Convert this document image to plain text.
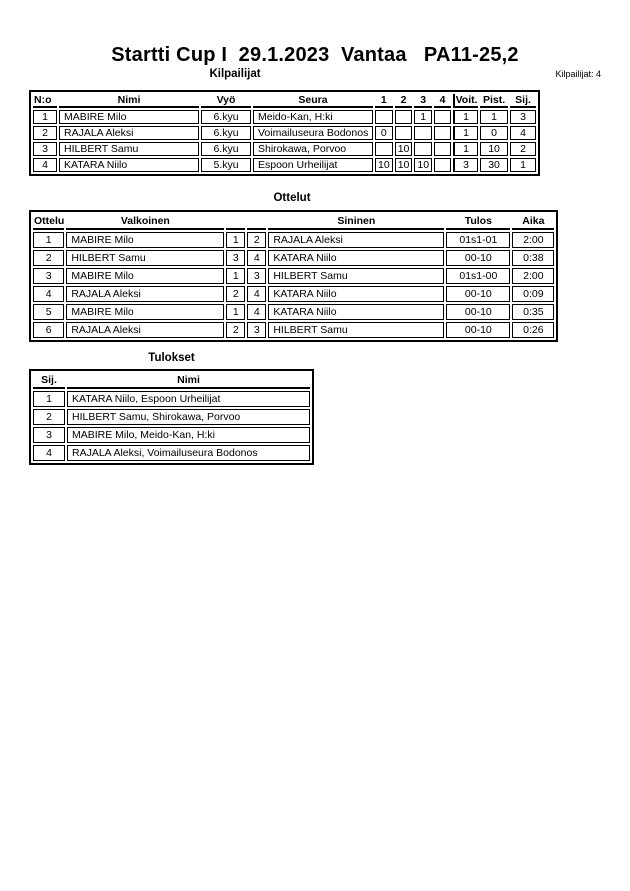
Startti Cup I  29.1.2023  Vantaa   PA11-25,2
Kilpailijat	Kilpailijat: 4
N:o	Nimi	Vyö	Seura	1	2	3	4	Voit.	Pist.	Sij.
1	MABIRE Milo	6.kyu	Meido-Kan, H:ki			1		1	1	3
2	RAJALA Aleksi	6.kyu	Voimailuseura Bodonos	0				1	0	4
3	HILBERT Samu	6.kyu	Shirokawa, Porvoo		10			1	10	2
4	KATARA Niilo	5.kyu	Espoon Urheilijat	10	10	10		3	30	1
Ottelut
Ottelu	Valkoinen			Sininen	Tulos	Aika
1	MABIRE Milo	1	2	RAJALA Aleksi	01s1-01	2:00
2	HILBERT Samu	3	4	KATARA Niilo	00-10	0:38
3	MABIRE Milo	1	3	HILBERT Samu	01s1-00	2:00
4	RAJALA Aleksi	2	4	KATARA Niilo	00-10	0:09
5	MABIRE Milo	1	4	KATARA Niilo	00-10	0:35
6	RAJALA Aleksi	2	3	HILBERT Samu	00-10	0:26
Tulokset
Sij.	Nimi
1	KATARA Niilo, Espoon Urheilijat
2	HILBERT Samu, Shirokawa, Porvoo
3	MABIRE Milo, Meido-Kan, H:ki
4	RAJALA Aleksi, Voimailuseura Bodonos
